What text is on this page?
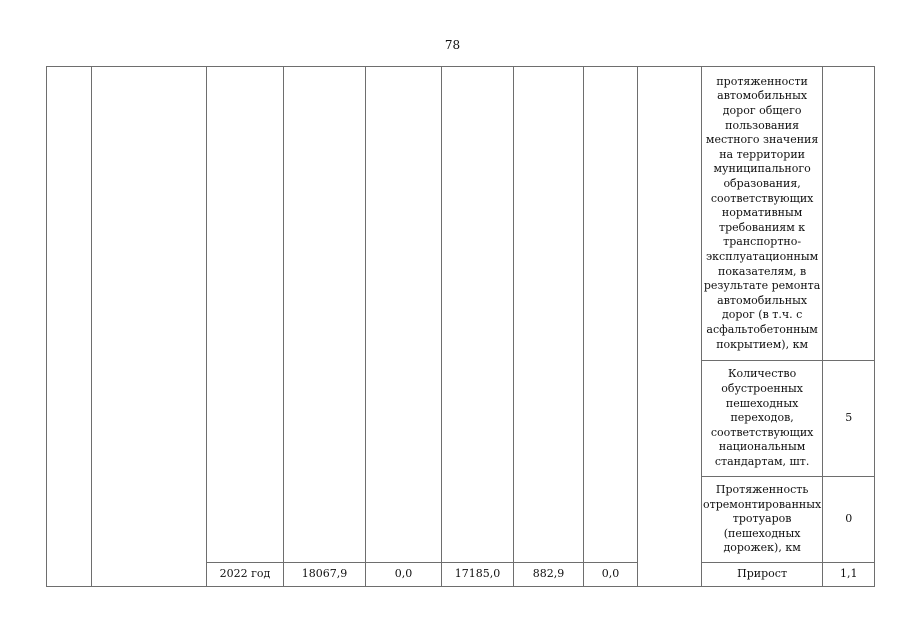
78
									протяженности автомобильных дорог общего пользования местного значения на территории муниципального образования, соответствующих нормативным требованиям к транспортно-эксплуатационным показателям, в результате ремонта автомобильных дорог (в т.ч. с асфальтобетонным покрытием), км	
									Количество обустроенных пешеходных переходов, соответствующих национальным стандартам, шт.	5
									Протяженность отремонтированных тротуаров (пешеходных дорожек), км	0
		2022 год	18067,9	0,0	17185,0	882,9	0,0		Прирост	1,1
